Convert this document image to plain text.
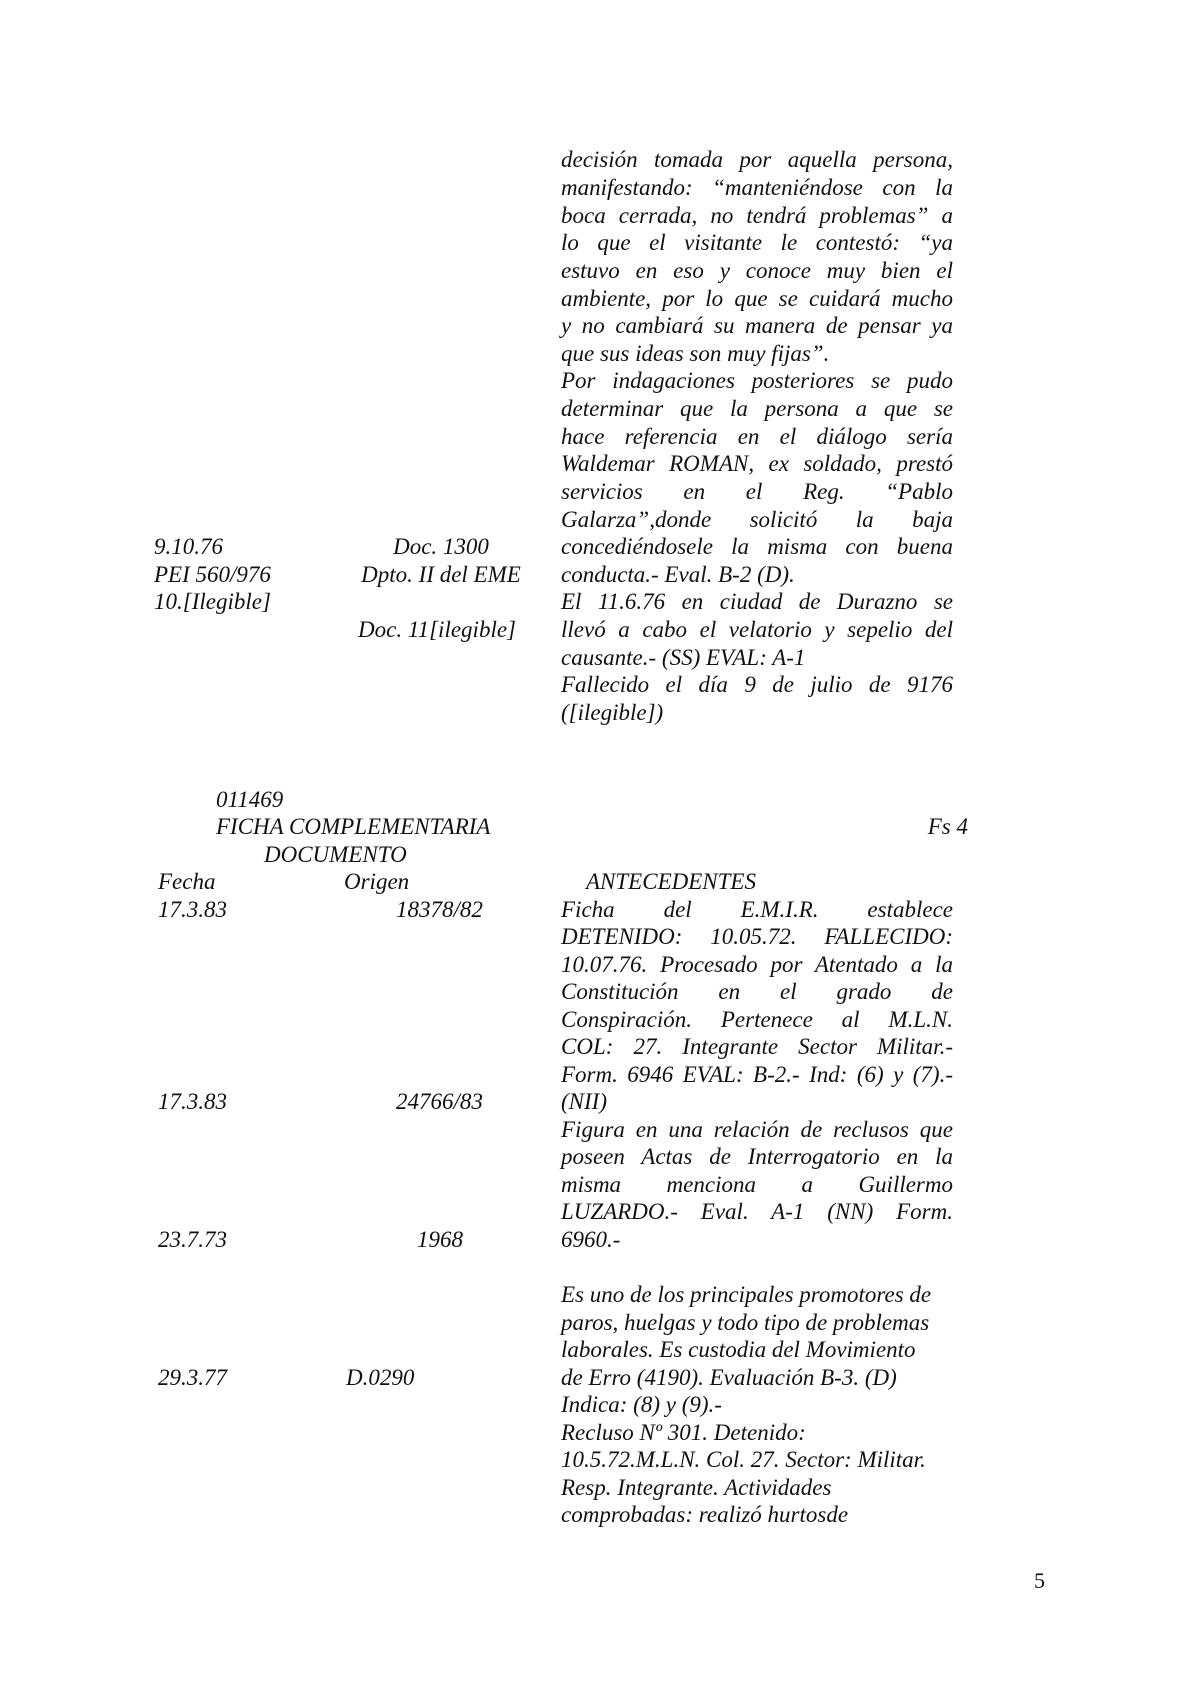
decisión tomada por aquella persona,
manifestando: “manteniéndose con la
boca cerrada, no tendrá problemas” a
lo que el visitante le contestó: “ya
estuvo en eso y conoce muy bien el
ambiente, por lo que se cuidará mucho
y no cambiará su manera de pensar ya
que sus ideas son muy fijas”.
Por indagaciones posteriores se pudo
determinar que la persona a que se
hace referencia en el diálogo sería
Waldemar ROMAN, ex soldado, prestó
servicios en el Reg. “Pablo
Galarza”,donde solicitó la baja
concediéndosele la misma con buena
conducta.- Eval. B-2 (D).
El 11.6.76 en ciudad de Durazno se
llevó a cabo el velatorio y sepelio del
causante.- (SS) EVAL: A-1
Fallecido el día 9 de julio de 9176
([ilegible])
9.10.76
PEI 560/976
10.[Ilegible]
Doc. 1300
Dpto. II del EME
Doc. 11[ilegible]
011469
FICHA COMPLEMENTARIA
DOCUMENTO
Fs 4
Fecha	Origen	ANTECEDENTES
17.3.83
17.3.83
23.7.73
29.3.77
18378/82
24766/83
1968
D.0290
Ficha del E.M.I.R. establece
DETENIDO: 10.05.72. FALLECIDO:
10.07.76. Procesado por Atentado a la
Constitución en el grado de
Conspiración. Pertenece al M.L.N.
COL: 27. Integrante Sector Militar.-
Form. 6946 EVAL: B-2.- Ind: (6) y (7).-
(NII)
Figura en una relación de reclusos que
poseen Actas de Interrogatorio en la
misma menciona a Guillermo
LUZARDO.- Eval. A-1 (NN) Form.
6960.-
Es uno de los principales promotores de
paros, huelgas y todo tipo de problemas
laborales. Es custodia del Movimiento
de Erro (4190). Evaluación B-3. (D)
Indica: (8) y (9).-
Recluso Nº 301. Detenido:
10.5.72.M.L.N. Col. 27. Sector: Militar.
Resp. Integrante. Actividades
comprobadas: realizó hurtosde
5
